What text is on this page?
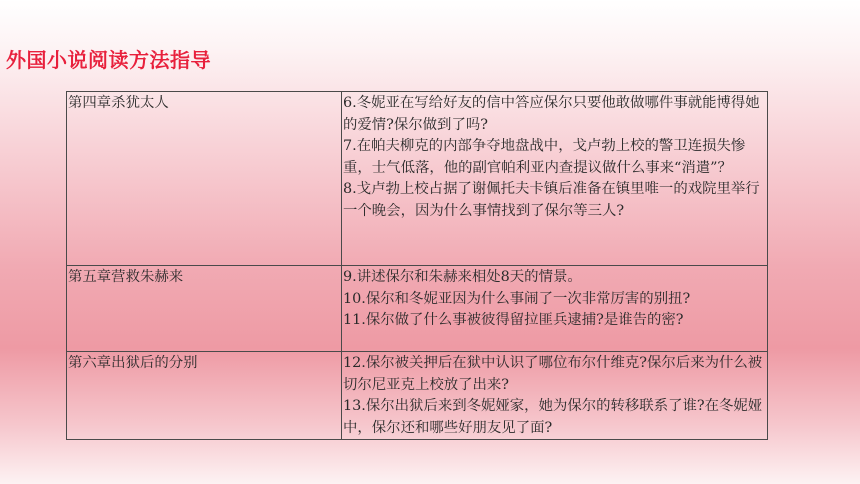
外国小说阅读方法指导
第四章杀犹太人	6.冬妮亚在写给好友的信中答应保尔只要他敢做哪件事就能博得她的爱情?保尔做到了吗?
7.在帕夫柳克的内部争夺地盘战中，戈卢勃上校的警卫连损失惨重，士气低落，他的副官帕利亚内查提议做什么事来“消遣”？
8.戈卢勃上校占据了谢佩托夫卡镇后准备在镇里唯一的戏院里举行一个晚会，因为什么事情找到了保尔等三人?

第五章营救朱赫来	9.讲述保尔和朱赫来相处8天的情景。
10.保尔和冬妮亚因为什么事闹了一次非常厉害的别扭?
11.保尔做了什么事被彼得留拉匪兵逮捕?是谁告的密?

第六章出狱后的分别	12.保尔被关押后在狱中认识了哪位布尔什维克?保尔后来为什么被切尔尼亚克上校放了出来?
13.保尔出狱后来到冬妮娅家，她为保尔的转移联系了谁?在冬妮娅中，保尔还和哪些好朋友见了面?
